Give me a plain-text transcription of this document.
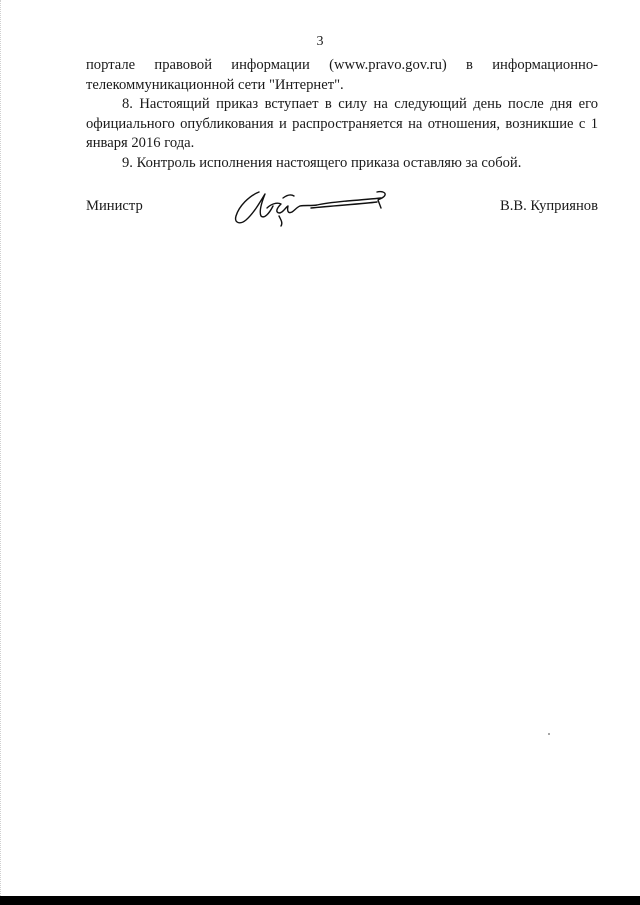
3
порталe правовой информации (www.pravo.gov.ru) в информационно-

телекоммуникационной сети "Интернет".

8. Настоящий приказ вступает в силу на следующий день после дня его официального опубликования и распространяется на отношения, возникшие с 1 января 2016 года.

9. Контроль исполнения настоящего приказа оставляю за собой.

Министр	В.В. Куприянов
